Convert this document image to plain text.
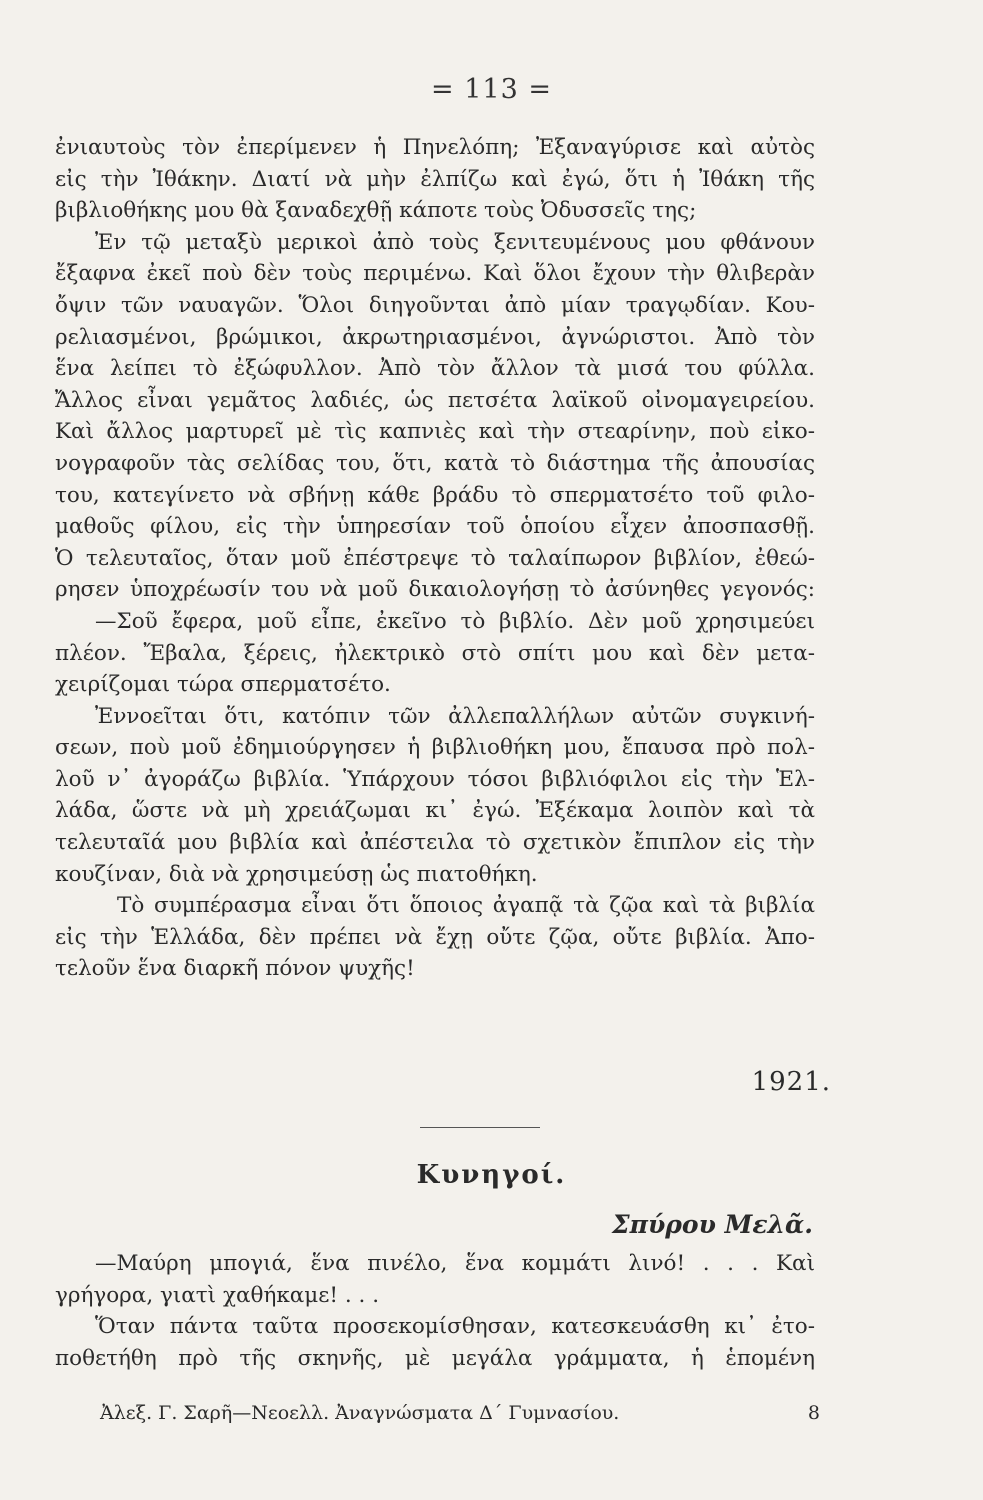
= 113 =
ἐνιαυτοὺς τὸν ἐπερίμενεν ἡ Πηνελόπη; Ἐξαναγύρισε καὶ αὐτὸς
εἰς τὴν Ἰθάκην. Διατί νὰ μὴν ἐλπίζω καὶ ἐγώ, ὅτι ἡ Ἰθάκη τῆς
βιβλιοθήκης μου θὰ ξαναδεχθῇ κάποτε τοὺς Ὀδυσσεῖς της;
Ἐν τῷ μεταξὺ μερικοὶ ἀπὸ τοὺς ξενιτευμένους μου φθάνουν
ἔξαφνα ἐκεῖ ποὺ δὲν τοὺς περιμένω. Καὶ ὅλοι ἔχουν τὴν θλιβερὰν
ὄψιν τῶν ναυαγῶν. Ὅλοι διηγοῦνται ἀπὸ μίαν τραγῳδίαν. Κου-
ρελιασμένοι, βρώμικοι, ἀκρωτηριασμένοι, ἀγνώριστοι. Ἀπὸ τὸν
ἕνα λείπει τὸ ἐξώφυλλον. Ἀπὸ τὸν ἄλλον τὰ μισά του φύλλα.
Ἄλλος εἶναι γεμᾶτος λαδιές, ὡς πετσέτα λαϊκοῦ οἰνομαγειρείου.
Καὶ ἄλλος μαρτυρεῖ μὲ τὶς καπνιὲς καὶ τὴν στεαρίνην, ποὺ εἰκο-
νογραφοῦν τὰς σελίδας του, ὅτι, κατὰ τὸ διάστημα τῆς ἀπουσίας
του, κατεγίνετο νὰ σβήνῃ κάθε βράδυ τὸ σπερματσέτο τοῦ φιλο-
μαθοῦς φίλου, εἰς τὴν ὑπηρεσίαν τοῦ ὁποίου εἶχεν ἀποσπασθῇ.
Ὁ τελευταῖος, ὅταν μοῦ ἐπέστρεψε τὸ ταλαίπωρον βιβλίον, ἐθεώ-
ρησεν ὑποχρέωσίν του νὰ μοῦ δικαιολογήσῃ τὸ ἀσύνηθες γεγονός:
—Σοῦ ἔφερα, μοῦ εἶπε, ἐκεῖνο τὸ βιβλίο. Δὲν μοῦ χρησιμεύει
πλέον. Ἔβαλα, ξέρεις, ἠλεκτρικὸ στὸ σπίτι μου καὶ δὲν μετα-
χειρίζομαι τώρα σπερματσέτο.
Ἐννοεῖται ὅτι, κατόπιν τῶν ἀλλεπαλλήλων αὐτῶν συγκινή-
σεων, ποὺ μοῦ ἐδημιούργησεν ἡ βιβλιοθήκη μου, ἔπαυσα πρὸ πολ-
λοῦ ν᾽ ἀγοράζω βιβλία. Ὑπάρχουν τόσοι βιβλιόφιλοι εἰς τὴν Ἑλ-
λάδα, ὥστε νὰ μὴ χρειάζωμαι κι᾽ ἐγώ. Ἐξέκαμα λοιπὸν καὶ τὰ
τελευταῖά μου βιβλία καὶ ἀπέστειλα τὸ σχετικὸν ἔπιπλον εἰς τὴν
κουζίναν, διὰ νὰ χρησιμεύσῃ ὡς πιατοθήκη.
Τὸ συμπέρασμα εἶναι ὅτι ὅποιος ἀγαπᾷ τὰ ζῷα καὶ τὰ βιβλία
εἰς τὴν Ἑλλάδα, δὲν πρέπει νὰ ἔχῃ οὔτε ζῷα, οὔτε βιβλία. Ἀπο-
τελοῦν ἕνα διαρκῆ πόνον ψυχῆς!
1921.
Κυνηγοί.
Σπύρου Μελᾶ.
—Μαύρη μπογιά, ἕνα πινέλο, ἕνα κομμάτι λινό! . . . Καὶ
γρήγορα, γιατὶ χαθήκαμε! . . .
Ὅταν πάντα ταῦτα προσεκομίσθησαν, κατεσκευάσθη κι᾽ ἐτο-
ποθετήθη πρὸ τῆς σκηνῆς, μὲ μεγάλα γράμματα, ἡ ἑπομένη
Ἀλεξ. Γ. Σαρῆ—Νεοελλ. Ἀναγνώσματα Δ´ Γυμνασίου.	8
